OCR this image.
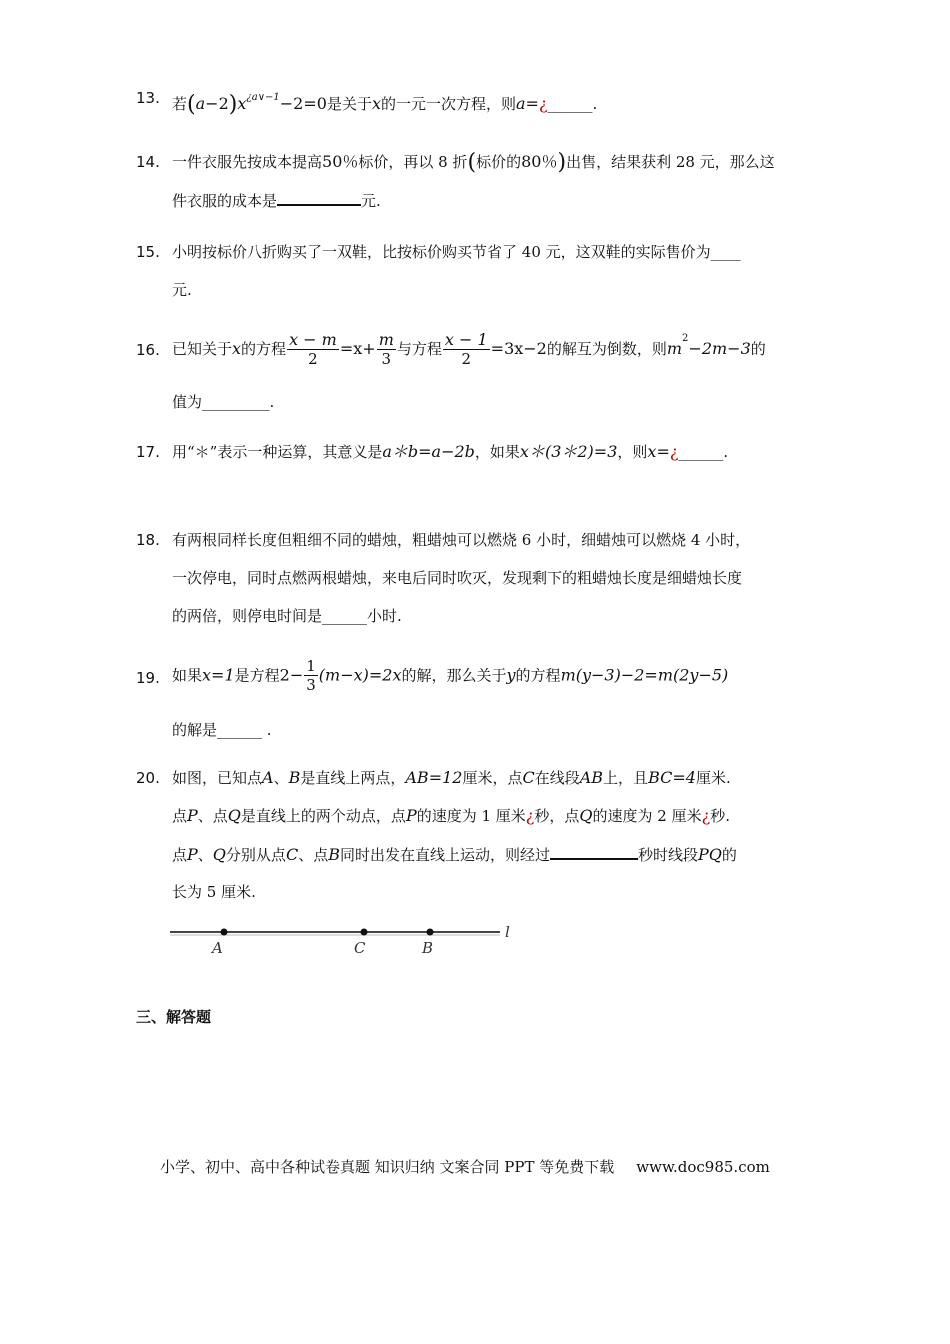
13. 若$(a-2)x^{¿a\vee-1}-2=0$是关于x的一元一次方程，则a=¿______.
14. 一件衣服先按成本提高50％标价，再以 8 折(标价的80％)出售，结果获利 28 元，那么这
件衣服的成本是	元.
15. 小明按标价八折购买了一双鞋，比按标价购买节省了 40 元，这双鞋的实际售价为____
元.
16. 已知关于x的方程 $\frac{x - m}{2} =x+ \frac{m}{3}$ 与方程 $\frac{x - 1}{2} =3x-2$的解互为倒数，则$m^2-2m-3$的
值为_________.
17. 用“＊”表示一种运算，其意义是a＊b=a−2b，如果x＊(3＊2)=3，则x=¿______.
18. 有两根同样长度但粗细不同的蜡烛，粗蜡烛可以燃烧 6 小时，细蜡烛可以燃烧 4 小时，
一次停电，同时点燃两根蜡烛，来电后同时吹灭，发现剩下的粗蜡烛长度是细蜡烛长度
的两倍，则停电时间是______小时.
19. 如果x=1是方程$2- \frac{1}{3} (m-x)=2x$的解，那么关于y的方程m(y−3)−2=m(2y−5)
的解是______ .
20. 如图，已知点A、B是直线上两点，AB=12厘米，点C在线段AB上，且BC=4厘米.
点P、点Q是直线上的两个动点，点P的速度为 1 厘米¿秒，点Q的速度为 2 厘米¿秒.
点P、Q分别从点C、点B同时出发在直线上运动，则经过	秒时线段PQ的
长为 5 厘米.
A	C	B
l
三、解答题
小学、初中、高中各种试卷真题 知识归纳 文案合同 PPT 等免费下载 www.doc985.com
